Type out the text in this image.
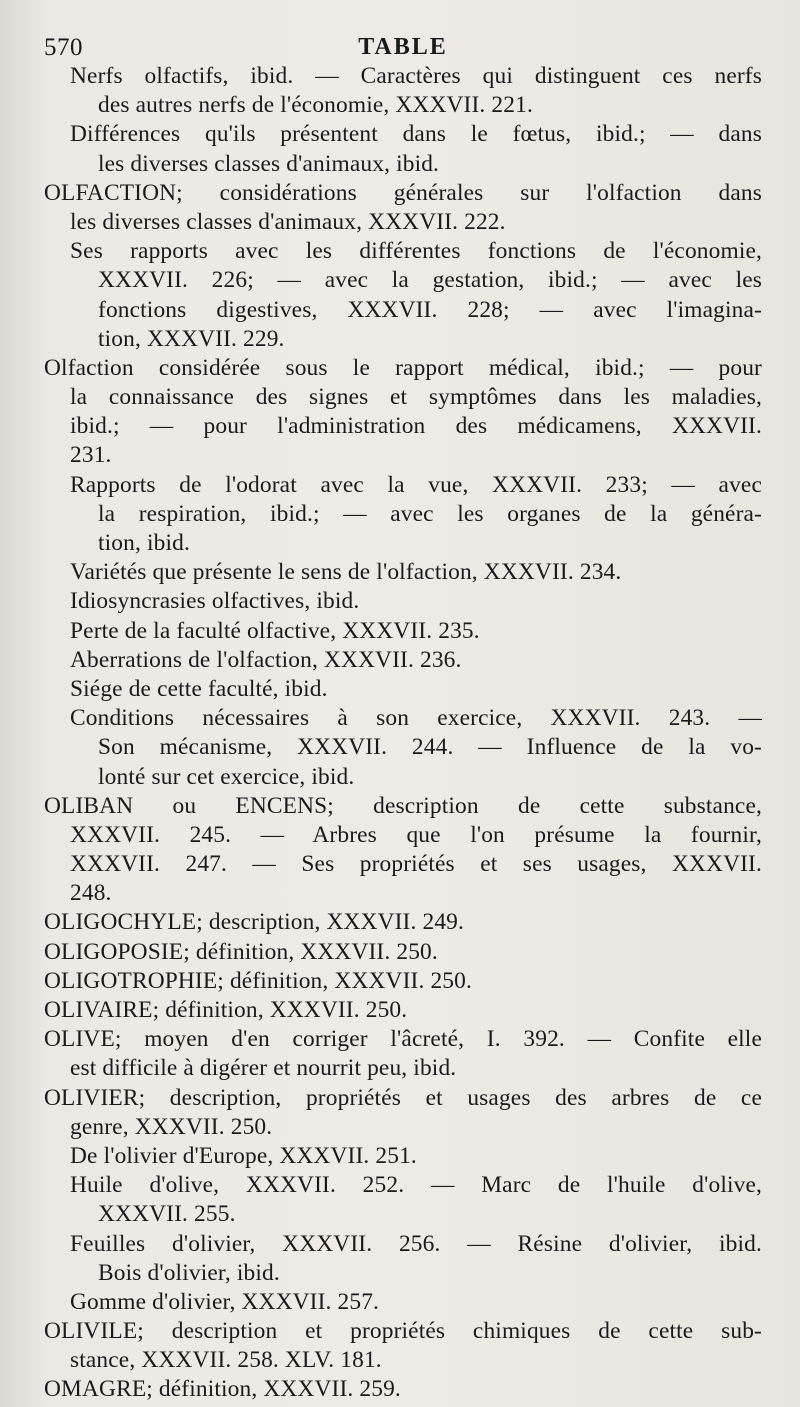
570	TABLE
Nerfs olfactifs, ibid. — Caractères qui distinguent ces nerfs
des autres nerfs de l'économie, XXXVII. 221.
Différences qu'ils présentent dans le fœtus, ibid.; — dans
les diverses classes d'animaux, ibid.
OLFACTION; considérations générales sur l'olfaction dans
les diverses classes d'animaux, XXXVII. 222.
Ses rapports avec les différentes fonctions de l'économie,
XXXVII. 226; — avec la gestation, ibid.; — avec les
fonctions digestives, XXXVII. 228; — avec l'imagina-
tion, XXXVII. 229.
Olfaction considérée sous le rapport médical, ibid.; — pour
la connaissance des signes et symptômes dans les maladies,
ibid.; — pour l'administration des médicamens, XXXVII.
231.
Rapports de l'odorat avec la vue, XXXVII. 233; — avec
la respiration, ibid.; — avec les organes de la généra-
tion, ibid.
Variétés que présente le sens de l'olfaction, XXXVII. 234.
Idiosyncrasies olfactives, ibid.
Perte de la faculté olfactive, XXXVII. 235.
Aberrations de l'olfaction, XXXVII. 236.
Siége de cette faculté, ibid.
Conditions nécessaires à son exercice, XXXVII. 243. —
Son mécanisme, XXXVII. 244. — Influence de la vo-
lonté sur cet exercice, ibid.
OLIBAN ou ENCENS; description de cette substance,
XXXVII. 245. — Arbres que l'on présume la fournir,
XXXVII. 247. — Ses propriétés et ses usages, XXXVII.
248.
OLIGOCHYLE; description, XXXVII. 249.
OLIGOPOSIE; définition, XXXVII. 250.
OLIGOTROPHIE; définition, XXXVII. 250.
OLIVAIRE; définition, XXXVII. 250.
OLIVE; moyen d'en corriger l'âcreté, I. 392. — Confite elle
est difficile à digérer et nourrit peu, ibid.
OLIVIER; description, propriétés et usages des arbres de ce
genre, XXXVII. 250.
De l'olivier d'Europe, XXXVII. 251.
Huile d'olive, XXXVII. 252. — Marc de l'huile d'olive,
XXXVII. 255.
Feuilles d'olivier, XXXVII. 256. — Résine d'olivier, ibid.
Bois d'olivier, ibid.
Gomme d'olivier, XXXVII. 257.
OLIVILE; description et propriétés chimiques de cette sub-
stance, XXXVII. 258. XLV. 181.
OMAGRE; définition, XXXVII. 259.
